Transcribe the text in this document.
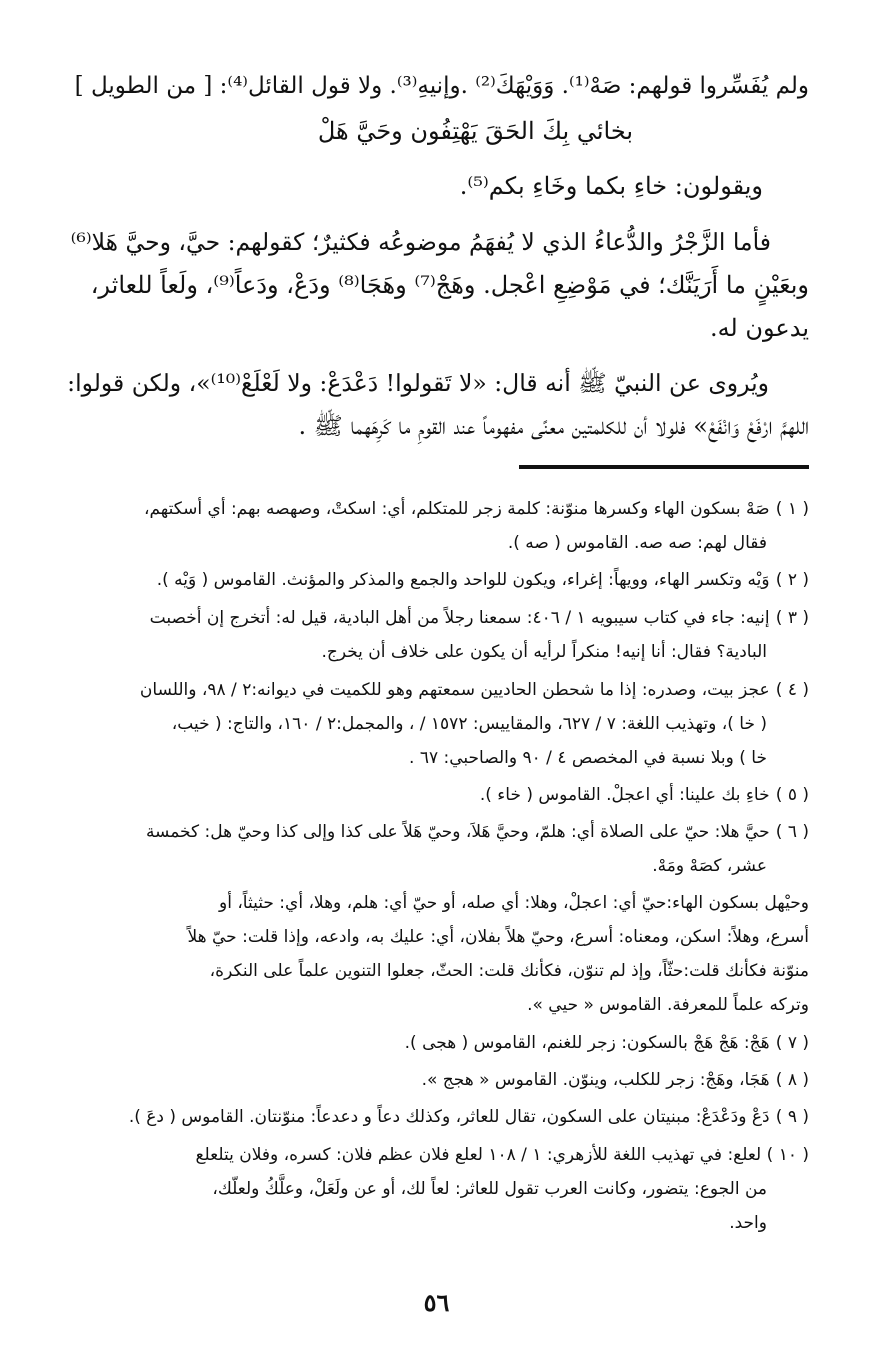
ولم يُفَسِّروا قولهم: صَهْ⁽¹⁾. وَوَيْهَكَ⁽²⁾ .وإنيهِ⁽³⁾. ولا قول القائل⁽⁴⁾: [ من الطويل ]
بخائي بِكَ الحَقَ يَهْتِفُون وحَيَّ هَلْ
ويقولون: خاءِ بكما وخَاءِ بكم⁽⁵⁾.
فأما الزَّجْرُ والدُّعاءُ الذي لا يُفهَمُ موضوعُه فكثيرٌ؛ كقولهم: حيَّ، وحيَّ هَلا⁽⁶⁾
وبعَيْنٍ ما أَرَيَنَّك؛ في مَوْضِعِ اعْجل. وهَجْ⁽⁷⁾ وهَجَا⁽⁸⁾ ودَعْ، ودَعاً⁽⁹⁾، ولَعاً للعاثر،
يدعون له.
ويُروى عن النبيّ ﷺ أنه قال: «لا تَقولوا! دَعْدَعْ: ولا لَعْلَعْ⁽¹⁰⁾»، ولكن قولوا:
اللهمَّ ارْفَعْ وَانْفَعْ» فلولا أن للكلمتين معنًى مفهوماً عند القومِ ما كَرِهَهما ﷺ .
( ١ ) صَهْ بسكون الهاء وكسرها منوّنة: كلمة زجر للمتكلم، أي: اسكتْ، وصهصه بهم: أي أسكتهم،
فقال لهم: صه صه. القاموس ( صه ).
( ٢ ) وَيْه وتكسر الهاء، وويهاً: إغراء، ويكون للواحد والجمع والمذكر والمؤنث. القاموس ( وَيْه ).
( ٣ ) إنيه: جاء في كتاب سيبويه ١ / ٤٠٦: سمعنا رجلاً من أهل البادية، قيل له: أتخرج إن أخصبت
البادية؟ فقال: أنا إنيه! منكراً لرأيه أن يكون على خلاف أن يخرج.
( ٤ ) عجز بيت، وصدره: إذا ما شحطن الحاديين سمعتهم وهو للكميت في ديوانه:٢ / ٩٨، واللسان
( خا )، وتهذيب اللغة: ٧ / ٦٢٧، والمقاييس: ١٥٧٢ / ، والمجمل:٢ / ١٦٠، والتاج: ( خيب،
خا ) وبلا نسبة في المخصص ٤ / ٩٠ والصاحبي: ٦٧ .
( ٥ ) خاءِ بك علينا: أي اعجلْ. القاموس ( خاء ).
( ٦ ) حيَّ هلا: حيّ على الصلاة أي: هلمّ، وحيَّ هَلاَ، وحيّ هَلاً على كذا وإلى كذا وحيّ هل: كخمسة
عشر، كصَهْ ومَهْ.
وحيْهل بسكون الهاء:حيّ أي: اعجلْ، وهلا: أي صله، أو حيّ أي: هلم، وهلا، أي: حثيثاً، أو
أسرع، وهلاً: اسكن، ومعناه: أسرع، وحيّ هلاً بفلان، أي: عليك به، وادعه، وإذا قلت: حيّ هلاً
منوّنة فكأنك قلت:حثّاً، وإذ لم تنوّن، فكأنك قلت: الحثّ، جعلوا التنوين علماً على النكرة،
وتركه علماً للمعرفة. القاموس « حيي ».
( ٧ ) هَجْ: هَجْ هَجْ بالسكون: زجر للغنم، القاموس ( هجى ).
( ٨ ) هَجَا، وهَجْ: زجر للكلب، وينوّن. القاموس « هجج ».
( ٩ ) دَعْ ودَعْدَعْ: مبنيتان على السكون، تقال للعاثر، وكذلك دعاً و دعدعاً: منوّنتان. القاموس ( دعَ ).
( ١٠ ) لعلع: في تهذيب اللغة للأزهري: ١ / ١٠٨ لعلع فلان عظم فلان: كسره، وفلان يتلعلع
من الجوع: يتضور، وكانت العرب تقول للعاثر: لعاً لك، أو عن ولَعَلْ، وعلَّكُ ولعلّك،
واحد.
٥٦
